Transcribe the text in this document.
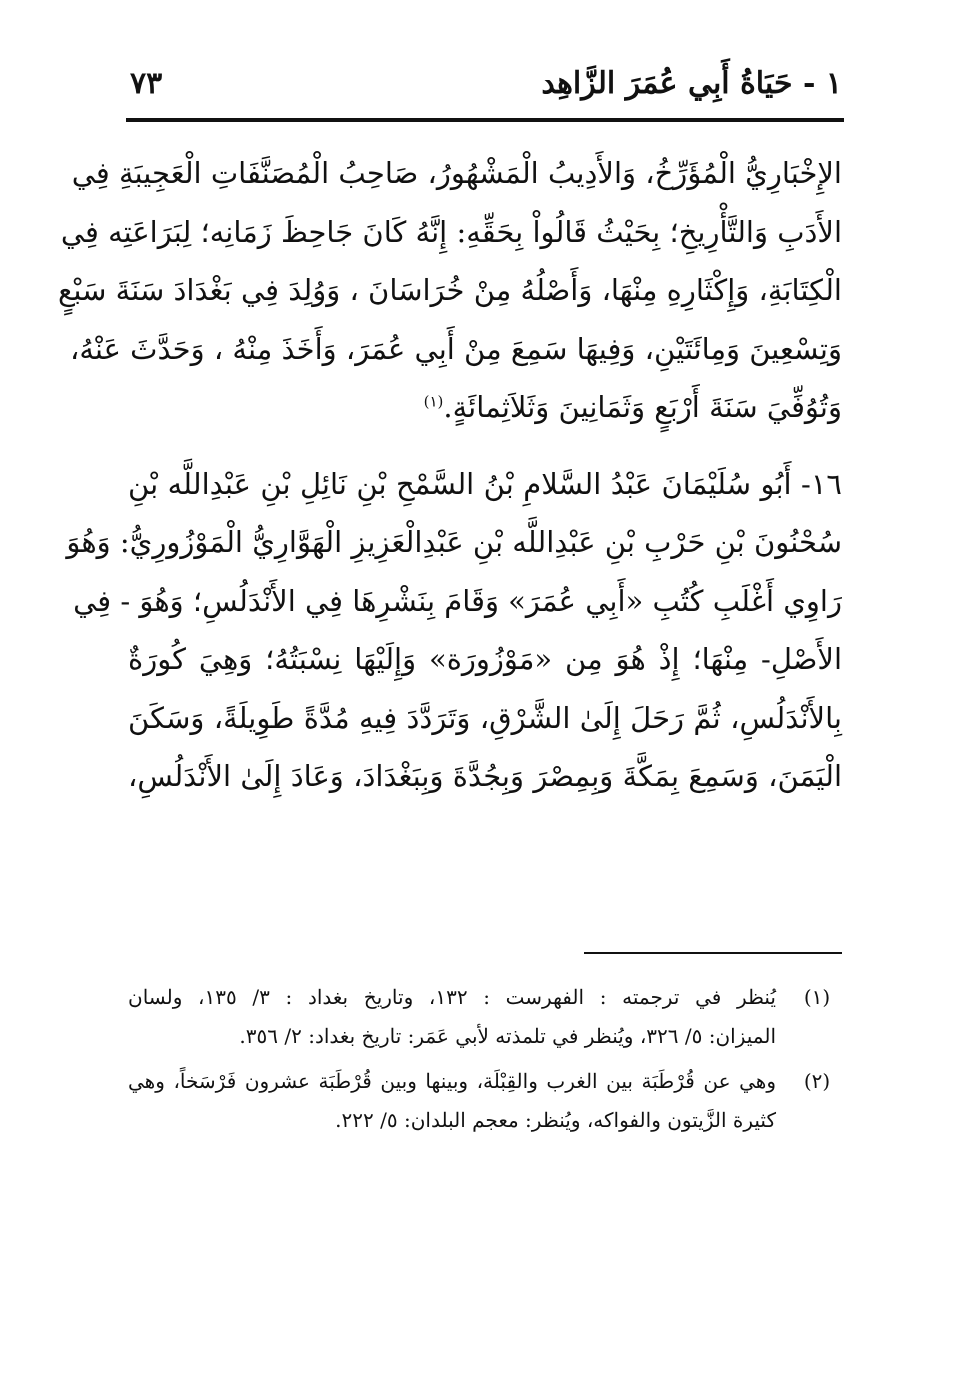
١ - حَيَاةُ أَبِي عُمَرَ الزَّاهِد
٧٣

الإِخْبَارِيُّ الْمُؤَرِّخُ، وَالأَدِيبُ الْمَشْهُورُ، صَاحِبُ الْمُصَنَّفَاتِ الْعَجِيبَةِ فِي
الأَدَبِ وَالتَّأْرِيخِ؛ بِحَيْثُ قَالُواْ بِحَقِّهِ: إِنَّهُ كَانَ جَاحِظَ زَمَانِه؛ لِبَرَاعَتِه فِي
الْكِتَابَةِ، وَإِكْثَارِهِ مِنْهَا، وَأَصْلُهُ مِنْ خُرَاسَانَ ، وَوُلِدَ فِي بَغْدَادَ سَنَةَ سَبْعٍ
وَتِسْعِينَ وَمِائَتَيْنِ، وَفِيهَا سَمِعَ مِنْ أَبِي عُمَرَ، وَأَخَذَ مِنْهُ ، وَحَدَّثَ عَنْهُ،
وَتُوُفِّيَ سَنَةَ أَرْبَعٍ وَثَمَانِينَ وَثَلاَثِمائَةٍ.$^{(١)}$

١٦- أَبُو سُلَيْمَانَ عَبْدُ السَّلامِ بْنُ السَّمْحِ بْنِ نَائِلِ بْنِ عَبْدِاللَّه بْنِ
سُحْنُونَ بْنِ حَرْبِ بْنِ عَبْدِاللَّه بْنِ عَبْدِالْعَزِيزِ الْهَوَّارِيُّ الْمَوْزُورِيُّ: وَهُوَ
رَاوِي أَغْلَبِ كُتُبِ «أَبِي عُمَرَ» وَقَامَ بِنَشْرِهَا فِي الأَنْدَلُسِ؛ وَهُوَ - فِي
الأَصْلِ- مِنْهَا؛ إِذْ هُوَ مِن «مَوْزُورَة» وَإِلَيْهَا نِسْبَتُهُ؛ وَهِيَ كُورَةٌ
بِالأَنْدَلُسِ، ثُمَّ رَحَلَ إِلَىٰ الشَّرْقِ، وَتَرَدَّدَ فِيهِ مُدَّةً طَوِيلَةً، وَسَكَنَ
الْيَمَنَ، وَسَمِعَ بِمَكَّةَ وَبِمِصْرَ وَبِجُدَّةَ وَبِبَغْدَادَ، وَعَادَ إِلَىٰ الأَنْدَلُسِ،

(١)
يُنظر في ترجمته : الفهرست : ١٣٢، وتاريخ بغداد : ٣/ ١٣٥، ولسان
الميزان: ٥/ ٣٢٦، ويُنظر في تلمذته لأبي عَمَر: تاريخ بغداد: ٢/ ٣٥٦.
(٢)
وهي عن قُرْطَبَة بين الغرب والقِبْلَة، وبينها وبين قُرْطَبَة عشرون فَرْسَخاً، وهي
كثيرة الزَّيتون والفواكه، ويُنظر: معجم البلدان: ٥/ ٢٢٢.
